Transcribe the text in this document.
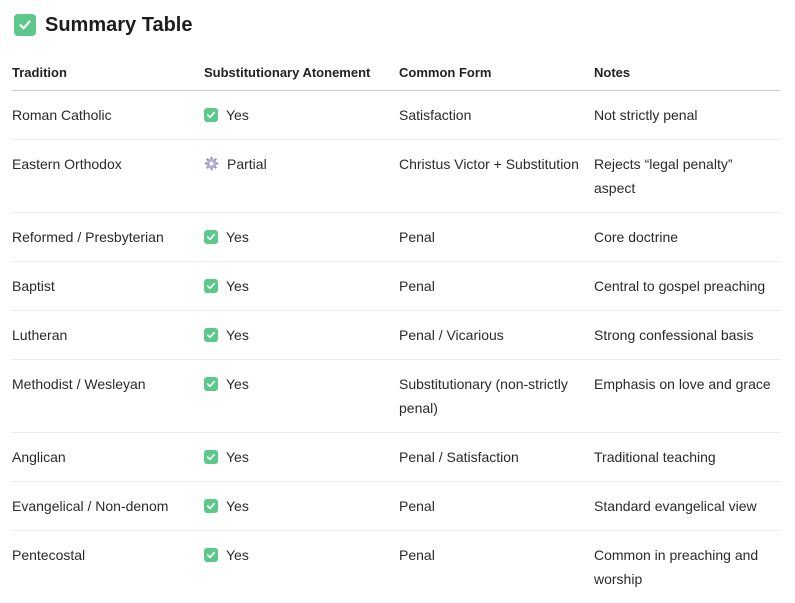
Summary Table
Tradition	Substitutionary Atonement	Common Form	Notes
Roman Catholic	Yes	Satisfaction	Not strictly penal
Eastern Orthodox	Partial	Christus Victor + Substitution	Rejects “legal penalty” aspect
Reformed / Presbyterian	Yes	Penal	Core doctrine
Baptist	Yes	Penal	Central to gospel preaching
Lutheran	Yes	Penal / Vicarious	Strong confessional basis
Methodist / Wesleyan	Yes	Substitutionary (non-strictly penal)	Emphasis on love and grace
Anglican	Yes	Penal / Satisfaction	Traditional teaching
Evangelical / Non-denom	Yes	Penal	Standard evangelical view
Pentecostal	Yes	Penal	Common in preaching and worship
